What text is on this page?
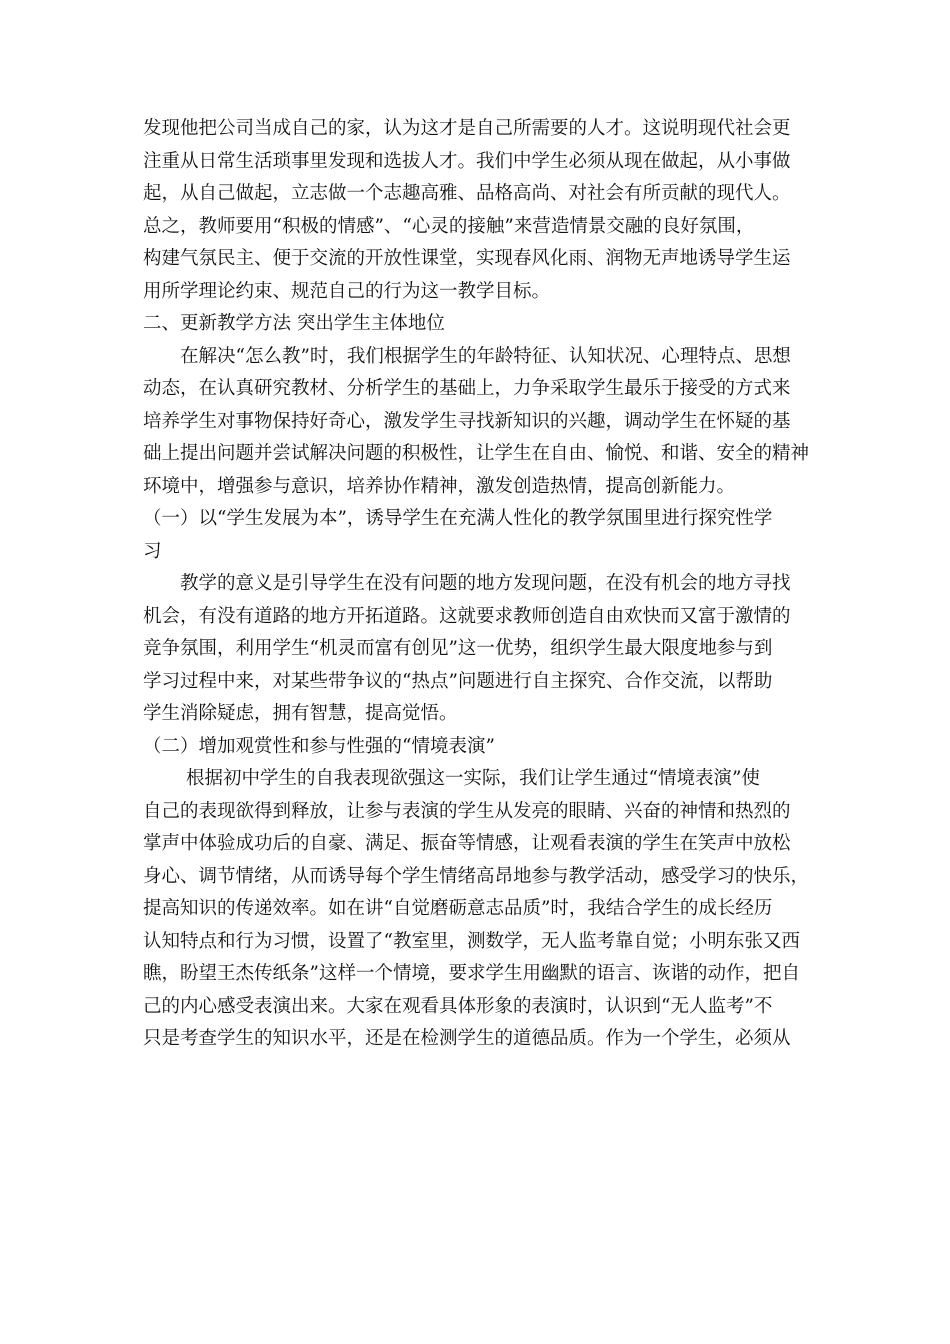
发现他把公司当成自己的家，认为这才是自己所需要的人才。这说明现代社会更
注重从日常生活琐事里发现和选拔人才。我们中学生必须从现在做起，从小事做
起，从自己做起，立志做一个志趣高雅、品格高尚、对社会有所贡献的现代人。
总之，教师要用“积极的情感”、“心灵的接触”来营造情景交融的良好氛围，
构建气氛民主、便于交流的开放性课堂，实现春风化雨、润物无声地诱导学生运
用所学理论约束、规范自己的行为这一教学目标。
二、更新教学方法 突出学生主体地位
在解决“怎么教”时，我们根据学生的年龄特征、认知状况、心理特点、思想
动态，在认真研究教材、分析学生的基础上，力争采取学生最乐于接受的方式来
培养学生对事物保持好奇心，激发学生寻找新知识的兴趣，调动学生在怀疑的基
础上提出问题并尝试解决问题的积极性，让学生在自由、愉悦、和谐、安全的精神
环境中，增强参与意识，培养协作精神，激发创造热情，提高创新能力。
（一）以“学生发展为本”，诱导学生在充满人性化的教学氛围里进行探究性学
习
教学的意义是引导学生在没有问题的地方发现问题，在没有机会的地方寻找
机会，有没有道路的地方开拓道路。这就要求教师创造自由欢快而又富于激情的
竞争氛围，利用学生“机灵而富有创见”这一优势，组织学生最大限度地参与到
学习过程中来，对某些带争议的“热点”问题进行自主探究、合作交流，以帮助
学生消除疑虑，拥有智慧，提高觉悟。
（二）增加观赏性和参与性强的“情境表演”
根据初中学生的自我表现欲强这一实际，我们让学生通过“情境表演”使
自己的表现欲得到释放，让参与表演的学生从发亮的眼睛、兴奋的神情和热烈的
掌声中体验成功后的自豪、满足、振奋等情感，让观看表演的学生在笑声中放松
身心、调节情绪，从而诱导每个学生情绪高昂地参与教学活动，感受学习的快乐，
提高知识的传递效率。如在讲“自觉磨砺意志品质”时，我结合学生的成长经历
认知特点和行为习惯，设置了“教室里，测数学，无人监考靠自觉；小明东张又西
瞧，盼望王杰传纸条”这样一个情境，要求学生用幽默的语言、诙谐的动作，把自
己的内心感受表演出来。大家在观看具体形象的表演时，认识到“无人监考”不
只是考查学生的知识水平，还是在检测学生的道德品质。作为一个学生，必须从
